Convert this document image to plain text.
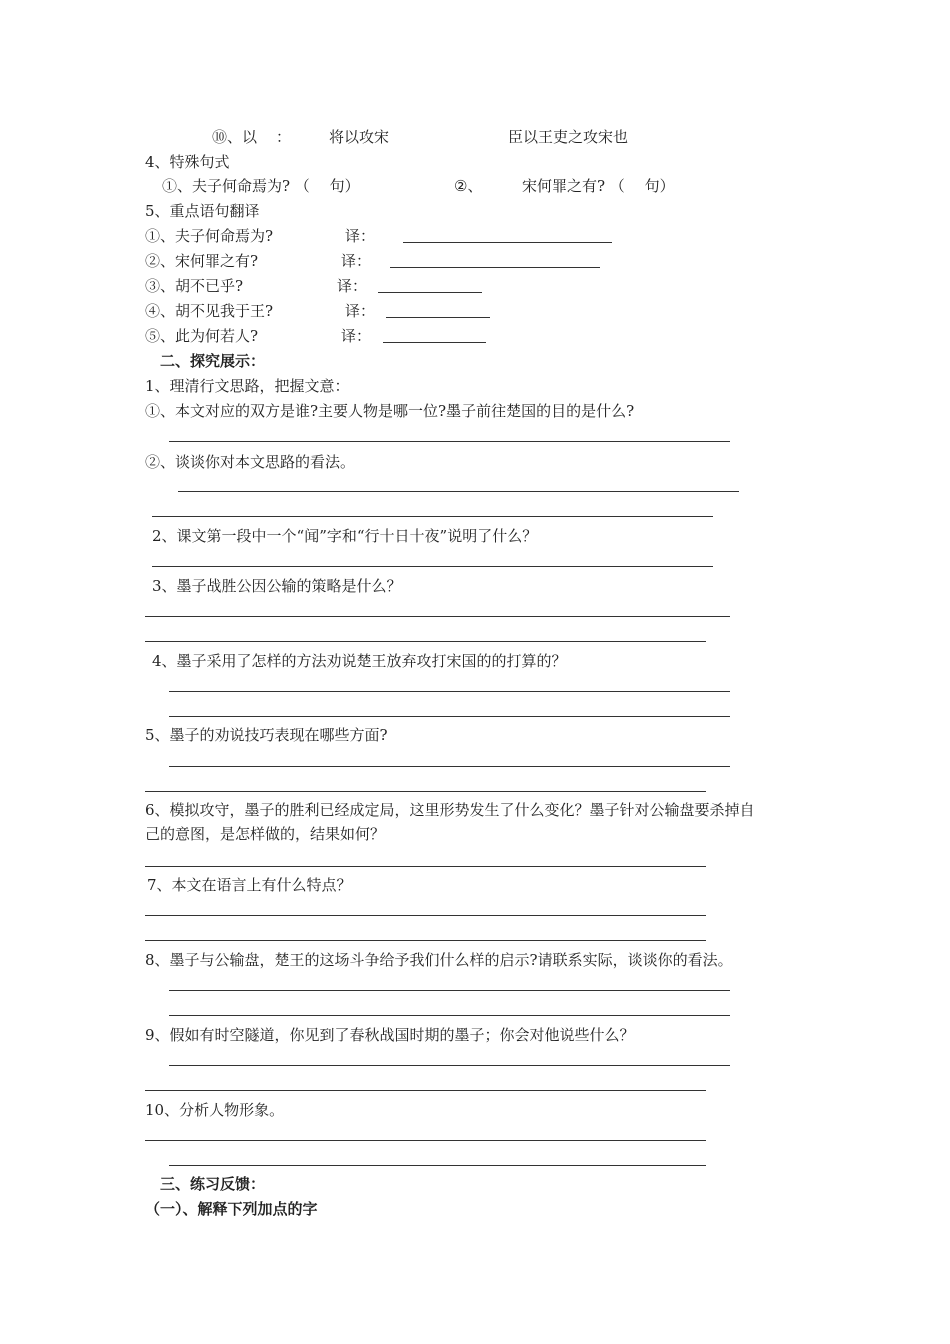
⑩、以 ：	将以攻宋	臣以王吏之攻宋也
4、特殊句式
①、夫子何命焉为? （　 句）	②、	宋何罪之有? （　 句）
5、重点语句翻译
①、夫子何命焉为?	译：
②、宋何罪之有?	译：
③、胡不已乎?	译：
④、胡不见我于王?	译：
⑤、此为何若人?	译：
二、探究展示：
1、理清行文思路，把握文意：
①、本文对应的双方是谁?主要人物是哪一位?墨子前往楚国的目的是什么?
②、谈谈你对本文思路的看法。
2、课文第一段中一个“闻”字和“行十日十夜”说明了什么？
3、墨子战胜公因公输的策略是什么？
4、墨子采用了怎样的方法劝说楚王放弃攻打宋国的的打算的？
5、墨子的劝说技巧表现在哪些方面?
6、模拟攻守，墨子的胜利已经成定局，这里形势发生了什么变化？墨子针对公输盘要杀掉自
己的意图，是怎样做的，结果如何？
7、本文在语言上有什么特点？
8、墨子与公输盘，楚王的这场斗争给予我们什么样的启示?请联系实际，谈谈你的看法。
9、假如有时空隧道，你见到了春秋战国时期的墨子；你会对他说些什么？
10、分析人物形象。
三、练习反馈：
（一）、解释下列加点的字
